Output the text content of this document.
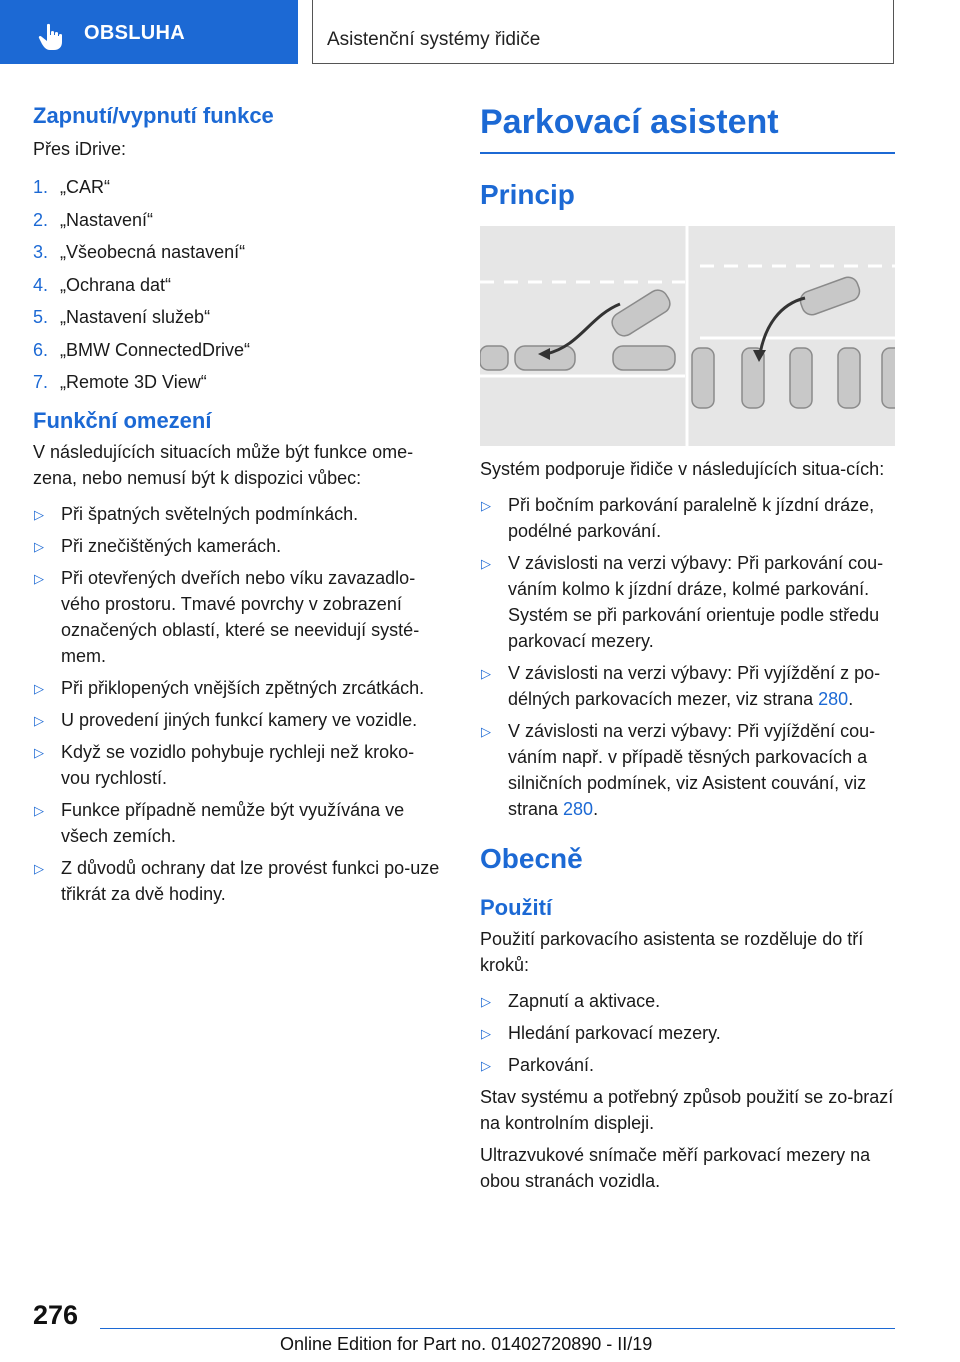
OBSLUHA	Asistenční systémy řidiče
Zapnutí/vypnutí funkce

Přes iDrive:

1. „CAR“
2. „Nastavení“
3. „Všeobecná nastavení“
4. „Ochrana dat“
5. „Nastavení služeb“
6. „BMW ConnectedDrive“
7. „Remote 3D View“
Funkční omezení

V následujících situacích může být funkce ome‐zena, nebo nemusí být k dispozici vůbec:

▷ Při špatných světelných podmínkách.
▷ Při znečištěných kamerách.
▷ Při otevřených dveřích nebo víku zavazadlo‐vého prostoru. Tmavé povrchy v zobrazení označených oblastí, které se neevidují systé‐mem.
▷ Při přiklopených vnějších zpětných zrcátkách.
▷ U provedení jiných funkcí kamery ve vozidle.
▷ Když se vozidlo pohybuje rychleji než kroko‐vou rychlostí.
▷ Funkce případně nemůže být využívána ve všech zemích.
▷ Z důvodů ochrany dat lze provést funkci po‐uze třikrát za dvě hodiny.
Parkovací asistent
Princip

Systém podporuje řidiče v následujících situa‐cích:

▷ Při bočním parkování paralelně k jízdní dráze, podélné parkování.
▷ V závislosti na verzi výbavy: Při parkování cou‐váním kolmo k jízdní dráze, kolmé parkování. Systém se při parkování orientuje podle středu parkovací mezery.
▷ V závislosti na verzi výbavy: Při vyjíždění z po‐délných parkovacích mezer, viz strana 280.
▷ V závislosti na verzi výbavy: Při vyjíždění cou‐váním např. v případě těsných parkovacích a silničních podmínek, viz Asistent couvání, viz strana 280.
Obecně
Použití

Použití parkovacího asistenta se rozděluje do tří kroků:

▷ Zapnutí a aktivace.
▷ Hledání parkovací mezery.
▷ Parkování.

Stav systému a potřebný způsob použití se zo‐brazí na kontrolním displeji.

Ultrazvukové snímače měří parkovací mezery na obou stranách vozidla.

276
Online Edition for Part no. 01402720890 - II/19
